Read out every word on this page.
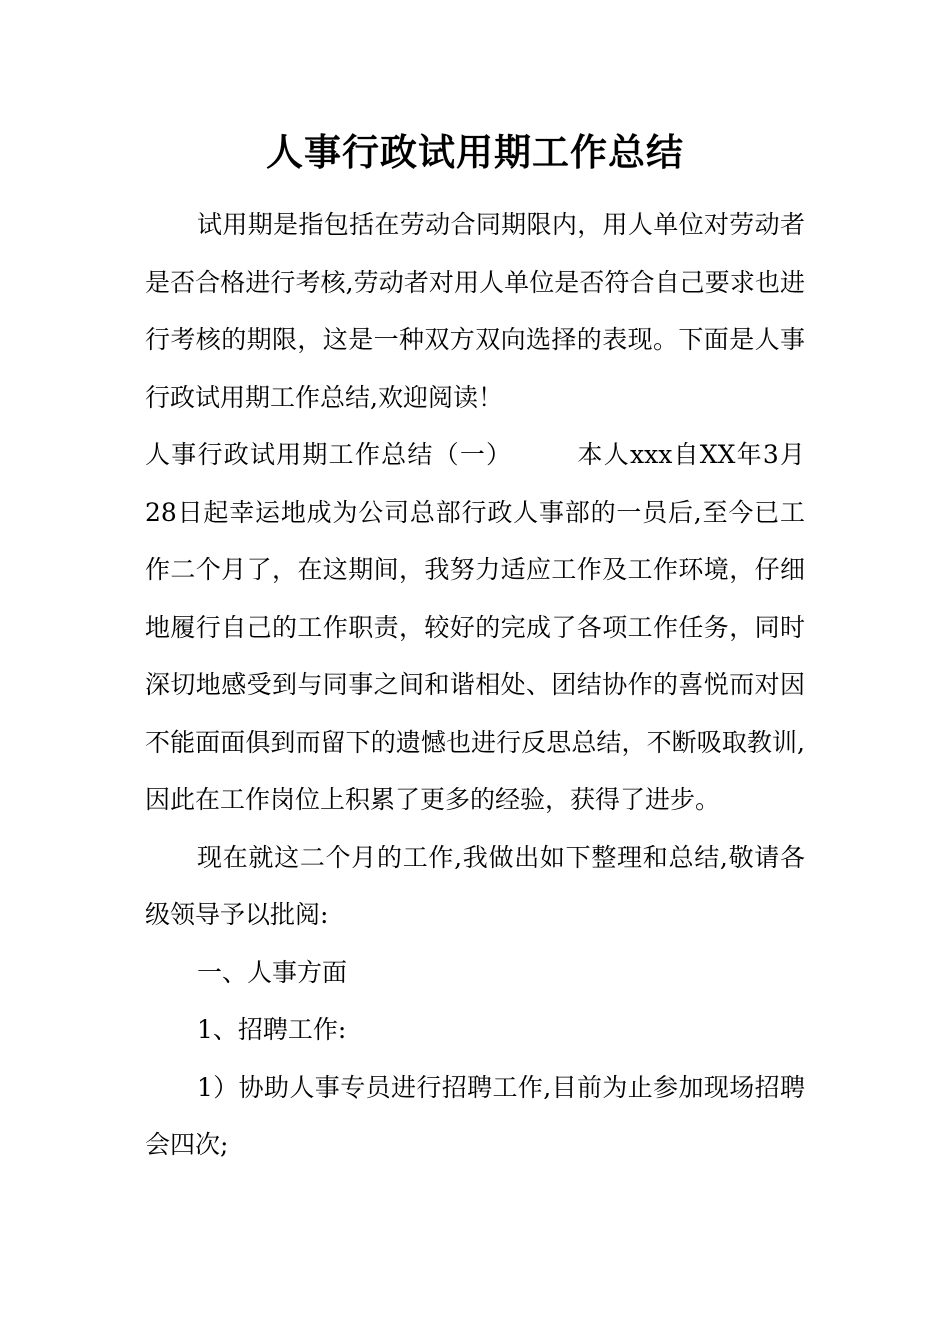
人事行政试用期工作总结

试用期是指包括在劳动合同期限内，用人单位对劳动者是否合格进行考核,劳动者对用人单位是否符合自己要求也进行考核的期限，这是一种双方双向选择的表现。下面是人事行政试用期工作总结,欢迎阅读！

人事行政试用期工作总结（一）	本人xxx自XX年3月28日起幸运地成为公司总部行政人事部的一员后,至今已工作二个月了，在这期间，我努力适应工作及工作环境，仔细地履行自己的工作职责，较好的完成了各项工作任务，同时深切地感受到与同事之间和谐相处、团结协作的喜悦而对因不能面面俱到而留下的遗憾也进行反思总结，不断吸取教训,因此在工作岗位上积累了更多的经验，获得了进步。

现在就这二个月的工作,我做出如下整理和总结,敬请各级领导予以批阅:

一、人事方面

1、招聘工作:

1）协助人事专员进行招聘工作,目前为止参加现场招聘会四次;
